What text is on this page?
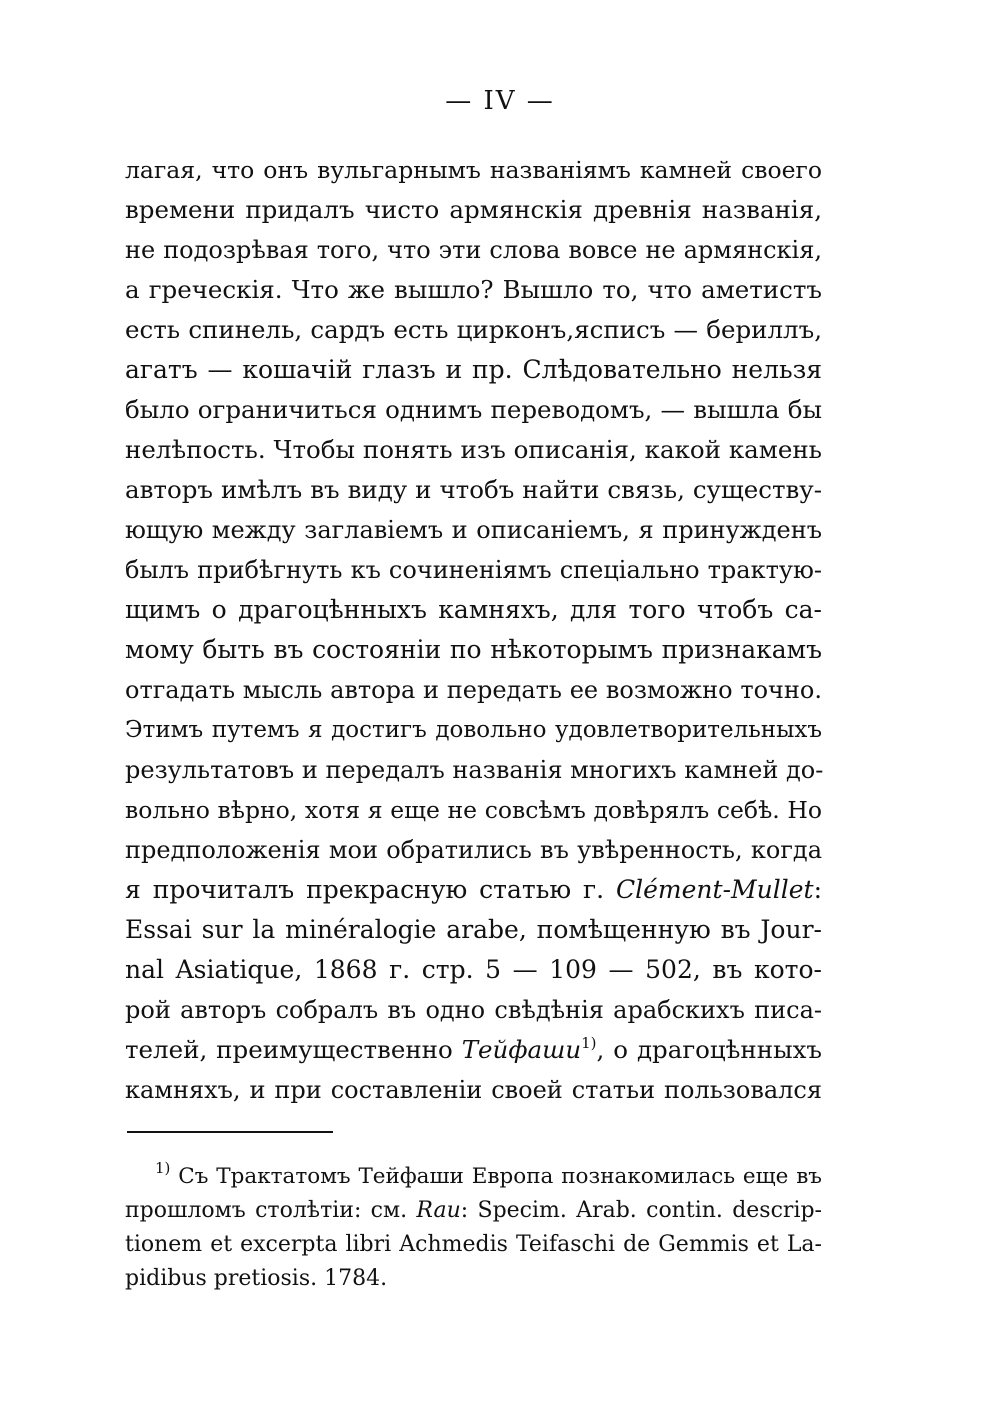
— IV —
лагая, что онъ вульгарнымъ названіямъ камней своего
времени придалъ чисто армянскія древнія названія,
не подозрѣвая того, что эти слова вовсе не армянскія,
а греческія. Что же вышло? Вышло то, что аметистъ
есть спинель, сардъ есть цирконъ,ясписъ — бериллъ,
агатъ — кошачій глазъ и пр. Слѣдовательно нельзя
было ограничиться однимъ переводомъ, — вышла бы
нелѣпость. Чтобы понять изъ описанія, какой камень
авторъ имѣлъ въ виду и чтобъ найти связь, существу-
ющую между заглавіемъ и описаніемъ, я принужденъ
былъ прибѣгнуть къ сочиненіямъ спеціально трактую-
щимъ о драгоцѣнныхъ камняхъ, для того чтобъ са-
мому быть въ состояніи по нѣкоторымъ признакамъ
отгадать мысль автора и передать ее возможно точно.
Этимъ путемъ я достигъ довольно удовлетворительныхъ
результатовъ и передалъ названія многихъ камней до-
вольно вѣрно, хотя я еще не совсѣмъ довѣрялъ себѣ. Но
предположенія мои обратились въ увѣренность, когда
я прочиталъ прекрасную статью г. Clément-Mullet:
Essai sur la minéralogie arabe, помѣщенную въ Jour-
nal Asiatique, 1868 г. стр. 5 — 109 — 502, въ кото-
рой авторъ собралъ въ одно свѣдѣнія арабскихъ писа-
телей, преимущественно Тейфаши$^{1)}$, о драгоцѣнныхъ
камняхъ, и при составленіи своей статьи пользовался
$^{1)}$ Съ Трактатомъ Тейфаши Европа познакомилась еще въ
прошломъ столѣтіи: см. Rau: Specim. Arab. contin. descrip-
tionem et excerpta libri Achmedis Teifaschi de Gemmis et La-
pidibus pretiosis. 1784.
